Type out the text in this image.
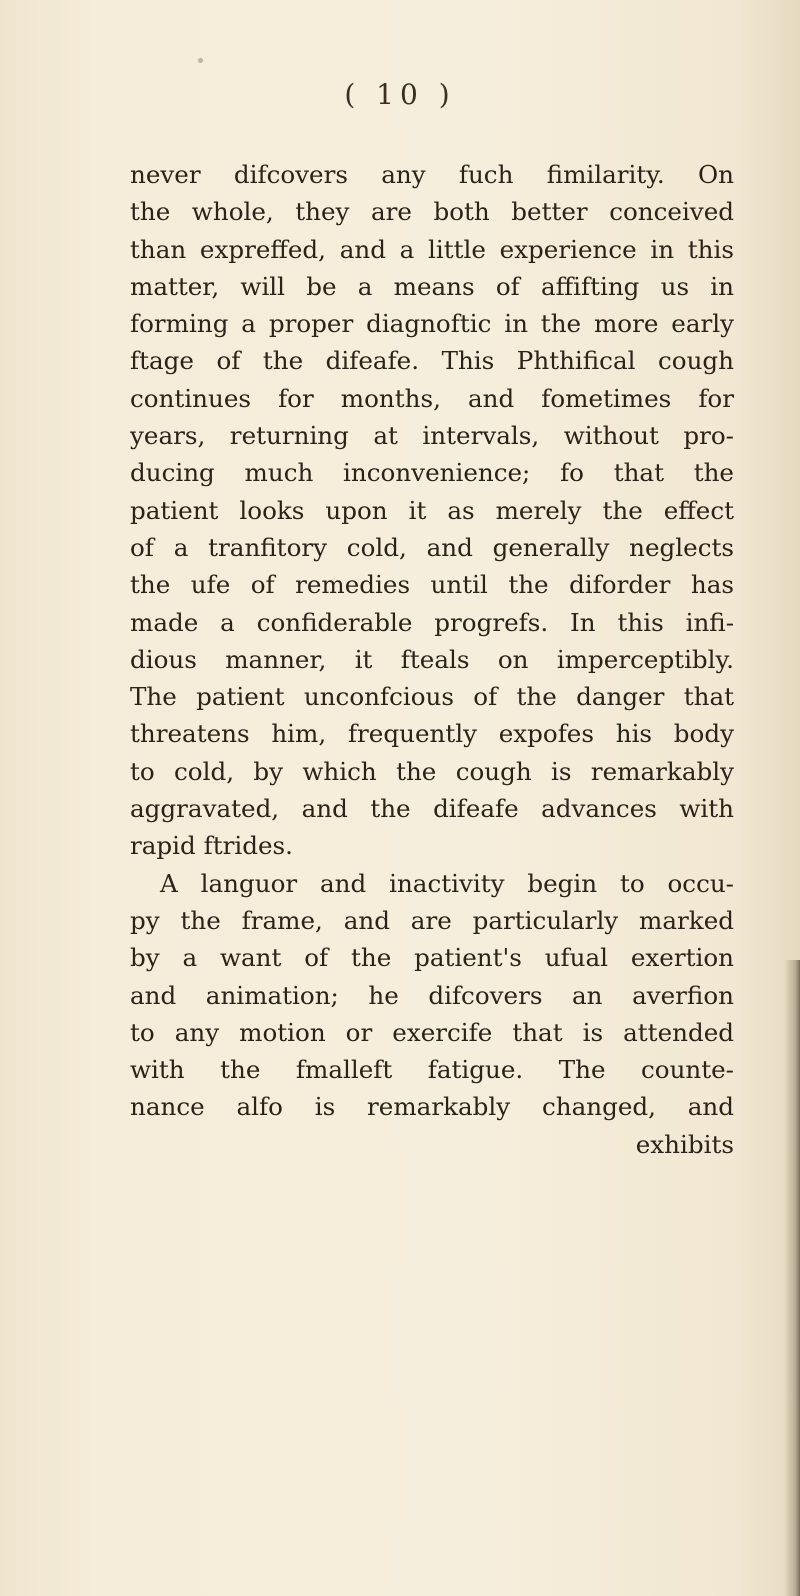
( 10 )
never difcovers any fuch fimilarity. On
the whole, they are both better conceived
than expreffed, and a little experience in this
matter, will be a means of affifting us in
forming a proper diagnoftic in the more early
ftage of the difeafe. This Phthifical cough
continues for months, and fometimes for
years, returning at intervals, without pro-
ducing much inconvenience; fo that the
patient looks upon it as merely the effect
of a tranfitory cold, and generally neglects
the ufe of remedies until the diforder has
made a confiderable progrefs. In this infi-
dious manner, it fteals on imperceptibly.
The patient unconfcious of the danger that
threatens him, frequently expofes his body
to cold, by which the cough is remarkably
aggravated, and the difeafe advances with
rapid ftrides.
A languor and inactivity begin to occu-
py the frame, and are particularly marked
by a want of the patient's ufual exertion
and animation; he difcovers an averfion
to any motion or exercife that is attended
with the fmalleft fatigue. The counte-
nance alfo is remarkably changed, and
exhibits
